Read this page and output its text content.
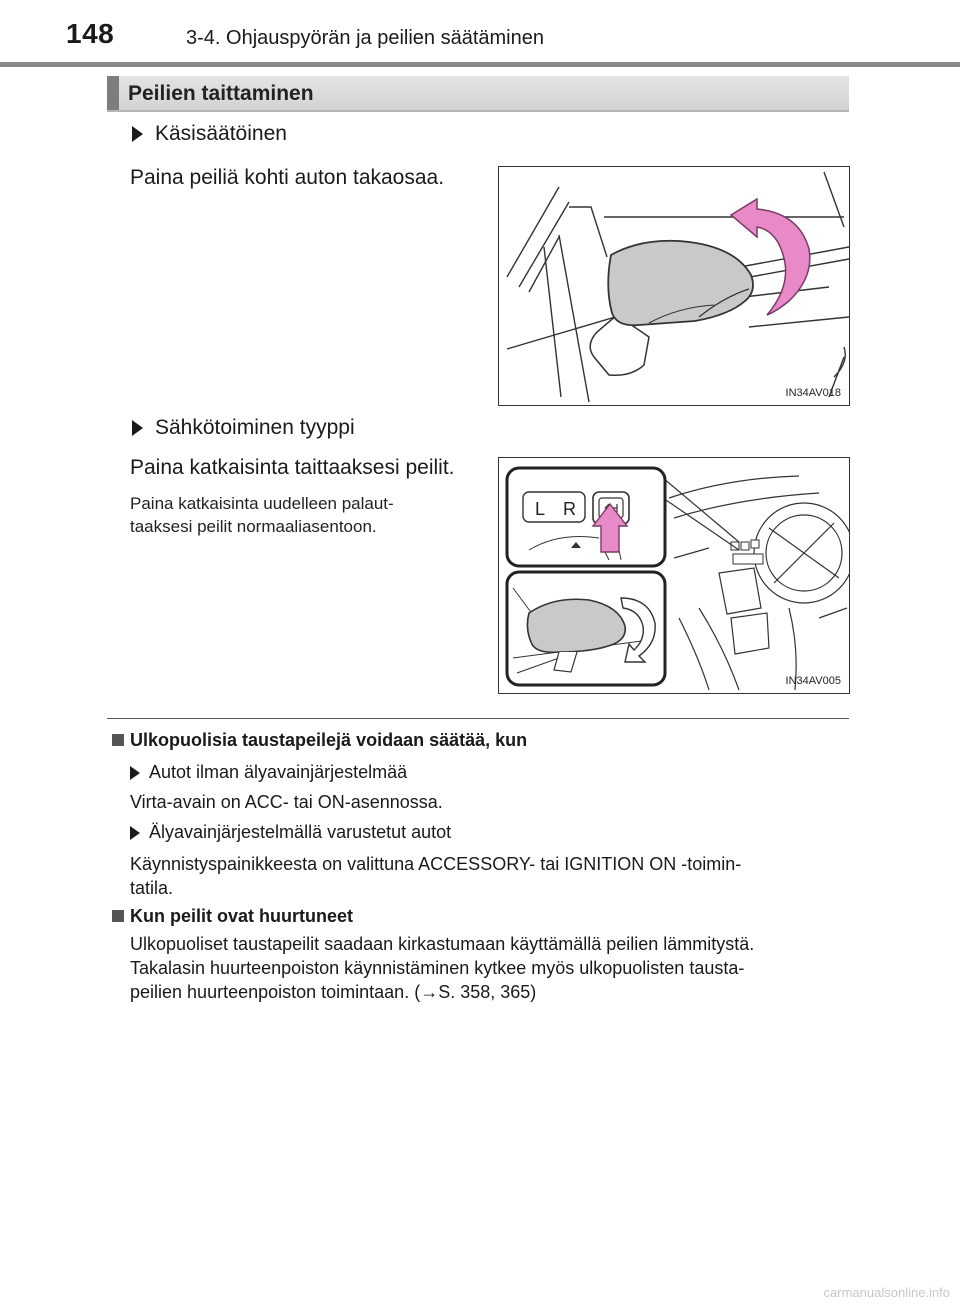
148	3-4. Ohjauspyörän ja peilien säätäminen
Peilien taittaminen
Käsisäätöinen
Paina peiliä kohti auton takaosaa.
IN34AV018
Sähkötoiminen tyyppi
Paina katkaisinta taittaaksesi peilit.
Paina katkaisinta uudelleen palaut-
taaksesi peilit normaaliasentoon.
L R
IN34AV005
Ulkopuolisia taustapeilejä voidaan säätää, kun
Autot ilman älyavainjärjestelmää
Virta-avain on ACC- tai ON-asennossa.
Älyavainjärjestelmällä varustetut autot
Käynnistyspainikkeesta on valittuna ACCESSORY- tai IGNITION ON -toimin-
tatila.
Kun peilit ovat huurtuneet
Ulkopuoliset taustapeilit saadaan kirkastumaan käyttämällä peilien lämmitystä.
Takalasin huurteenpoiston käynnistäminen kytkee myös ulkopuolisten tausta-
peilien huurteenpoiston toimintaan. (→S. 358, 365)
carmanualsonline.info
